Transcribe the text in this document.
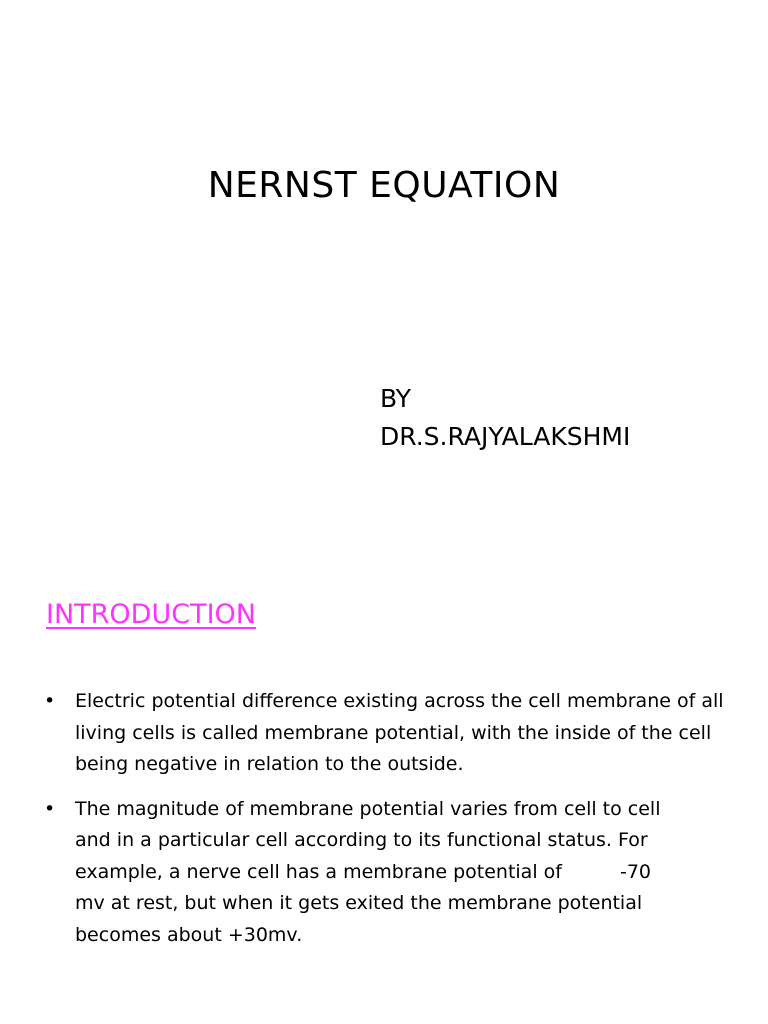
NERNST EQUATION
BY
DR.S.RAJYALAKSHMI
INTRODUCTION
• Electric potential difference existing across the cell membrane of all living cells is called membrane potential, with the inside of the cell being negative in relation to the outside.
• The magnitude of membrane potential varies from cell to cell
and in a particular cell according to its functional status. For
example, a nerve cell has a membrane potential of	-70
mv at rest, but when it gets exited the membrane potential
becomes about +30mv.
